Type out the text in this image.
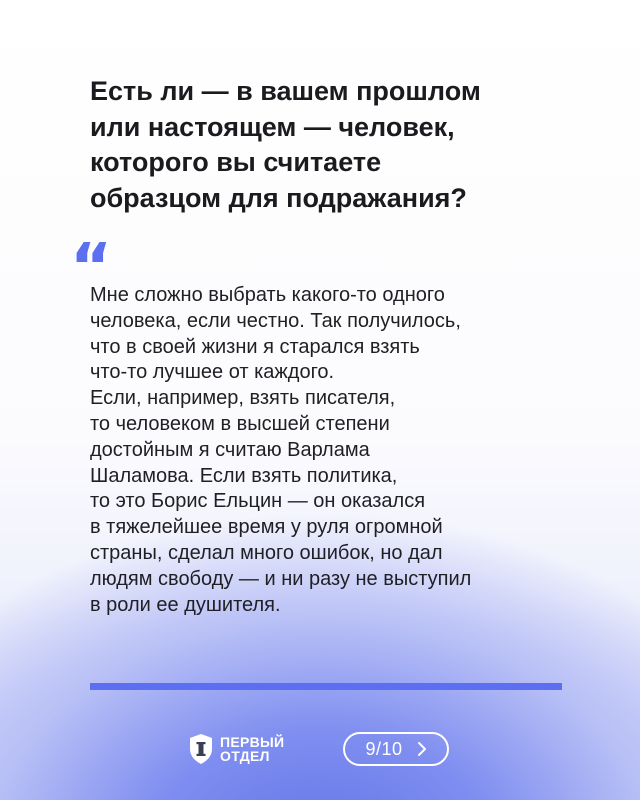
Есть ли — в вашем прошлом
или настоящем — человек,
которого вы считаете
образцом для подражания?
“

Мне сложно выбрать какого-то одного
человека, если честно. Так получилось,
что в своей жизни я старался взять
что-то лучшее от каждого.
Если, например, взять писателя,
то человеком в высшей степени
достойным я считаю Варлама
Шаламова. Если взять политика,
то это Борис Ельцин — он оказался
в тяжелейшее время у руля огромной
страны, сделал много ошибок, но дал
людям свободу — и ни разу не выступил
в роли ее душителя.

ПЕРВЫЙ
ОТДЕЛ	9/10
